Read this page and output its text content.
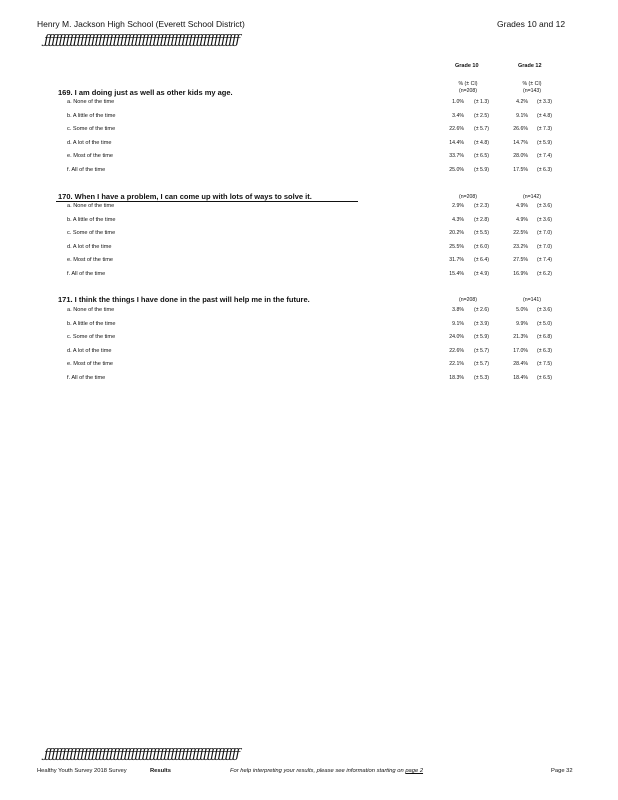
Henry M. Jackson High School (Everett School District)	Grades 10 and 12
ƒƒƒƒƒƒƒƒƒƒƒƒƒƒƒƒƒƒƒƒƒƒƒƒƒƒƒƒƒƒƒƒƒƒƒƒƒƒƒƒƒƒƒƒƒƒƒƒƒƒƒƒƒƒ
Grade 10	Grade 12
% (± CI)	% (± CI)
169. I am doing just as well as other kids my age.	(n=208)	(n=143)
170. When I have a problem, I can come up with lots of ways to solve it.	(n=208)	(n=142)
171. I think the things I have done in the past will help me in the future.	(n=208)	(n=141)
ƒƒƒƒƒƒƒƒƒƒƒƒƒƒƒƒƒƒƒƒƒƒƒƒƒƒƒƒƒƒƒƒƒƒƒƒƒƒƒƒƒƒƒƒƒƒƒƒƒƒƒƒƒƒ
Healthy Youth Survey 2018 Survey	Results	For help interpreting your results, please see information starting on page 2	Page 32
a. None of the time	1.0% (± 1.3)	4.2% (± 3.3)
b. A little of the time	3.4% (± 2.5)	9.1% (± 4.8)
c. Some of the time	22.6% (± 5.7)	26.6% (± 7.3)
d. A lot of the time	14.4% (± 4.8)	14.7% (± 5.9)
e. Most of the time	33.7% (± 6.5)	28.0% (± 7.4)
f. All of the time	25.0% (± 5.9)	17.5% (± 6.3)
a. None of the time	2.9% (± 2.3)	4.9% (± 3.6)
b. A little of the time	4.3% (± 2.8)	4.9% (± 3.6)
c. Some of the time	20.2% (± 5.5)	22.5% (± 7.0)
d. A lot of the time	25.5% (± 6.0)	23.2% (± 7.0)
e. Most of the time	31.7% (± 6.4)	27.5% (± 7.4)
f. All of the time	15.4% (± 4.9)	16.9% (± 6.2)
a. None of the time	3.8% (± 2.6)	5.0% (± 3.6)
b. A little of the time	9.1% (± 3.9)	9.9% (± 5.0)
c. Some of the time	24.0% (± 5.9)	21.3% (± 6.8)
d. A lot of the time	22.6% (± 5.7)	17.0% (± 6.3)
e. Most of the time	22.1% (± 5.7)	28.4% (± 7.5)
f. All of the time	18.3% (± 5.3)	18.4% (± 6.5)
